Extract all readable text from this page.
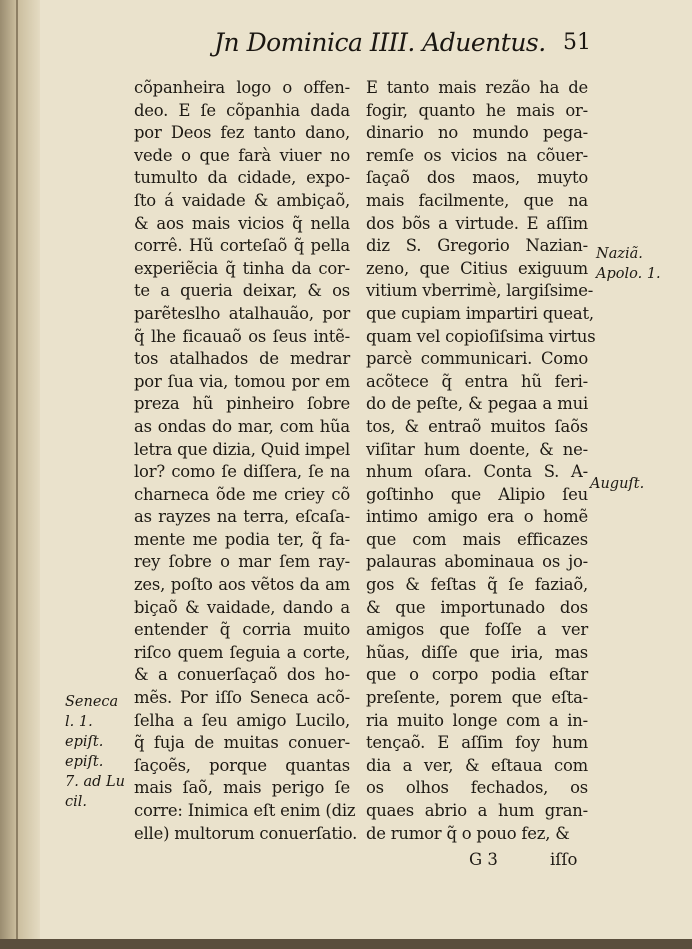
Jn Dominica IIII. Aduentus. 51
cõpanheira logo o offen-
deo. E ſe cõpanhia dada
por Deos fez tanto dano,
vede o que farà viuer no
tumulto da cidade, expo-
ſto á vaidade & ambiçaõ,
& aos mais vicios q̃ nella
corrê. Hũ corteſaõ q̃ pella
experiẽcia q̃ tinha da cor-
te a queria deixar, & os
parẽteslho atalhauão, por
q̃ lhe ficauaõ os ſeus intẽ-
tos atalhados de medrar
por ſua via, tomou por em
preza hũ pinheiro ſobre
as ondas do mar, com hũa
letra que dizia, Quid impel
lor? como ſe diſſera, ſe na
charneca õde me criey cõ
as rayzes na terra, eſcaſa-
mente me podia ter, q̃ fa-
rey ſobre o mar ſem ray-
zes, poſto aos vẽtos da am
biçaõ & vaidade, dando a
entender q̃ corria muito
riſco quem ſeguia a corte,
& a conuerſaçaõ dos ho-
mẽs. Por iſſo Seneca acõ-
ſelha a ſeu amigo Lucilo,
q̃ fuja de muitas conuer-
ſaçoẽs, porque quantas
mais ſaõ, mais perigo ſe
corre: Inimica eſt enim (diz
elle) multorum conuerſatio.
E tanto mais rezão ha de
fogir, quanto he mais or-
dinario no mundo pega-
remſe os vicios na cõuer-
ſaçaõ dos maos, muyto
mais facilmente, que na
dos bõs a virtude. E aſſim
diz S. Gregorio Nazian-
zeno, que Citius exiguum
vitium vberrimè, largiſsime-
que cupiam impartiri queat,
quam vel copioſiſsima virtus
parcè communicari. Como
acõtece q̃ entra hũ feri-
do de peſte, & pegaa a mui
tos, & entraõ muitos ſaõs
viſitar hum doente, & ne-
nhum oſara. Conta S. A-
goſtinho que Alipio ſeu
intimo amigo era o homẽ
que com mais efficazes
palauras abominaua os jo-
gos & feſtas q̃ ſe faziaõ,
& que importunado dos
amigos que foſſe a ver
hũas, diſſe que iria, mas
que o corpo podia eſtar
preſente, porem que eſta-
ria muito longe com a in-
tençaõ. E aſſim foy hum
dia a ver, & eſtaua com
os olhos fechados, os
quaes abrio a hum gran-
de rumor q̃ o pouo fez, &
Seneca
l. 1. epiſt.
epiſt.
7. ad Lu
cil.
Naziã.
Apolo. 1.
Auguſt.
G 3	iſſo
